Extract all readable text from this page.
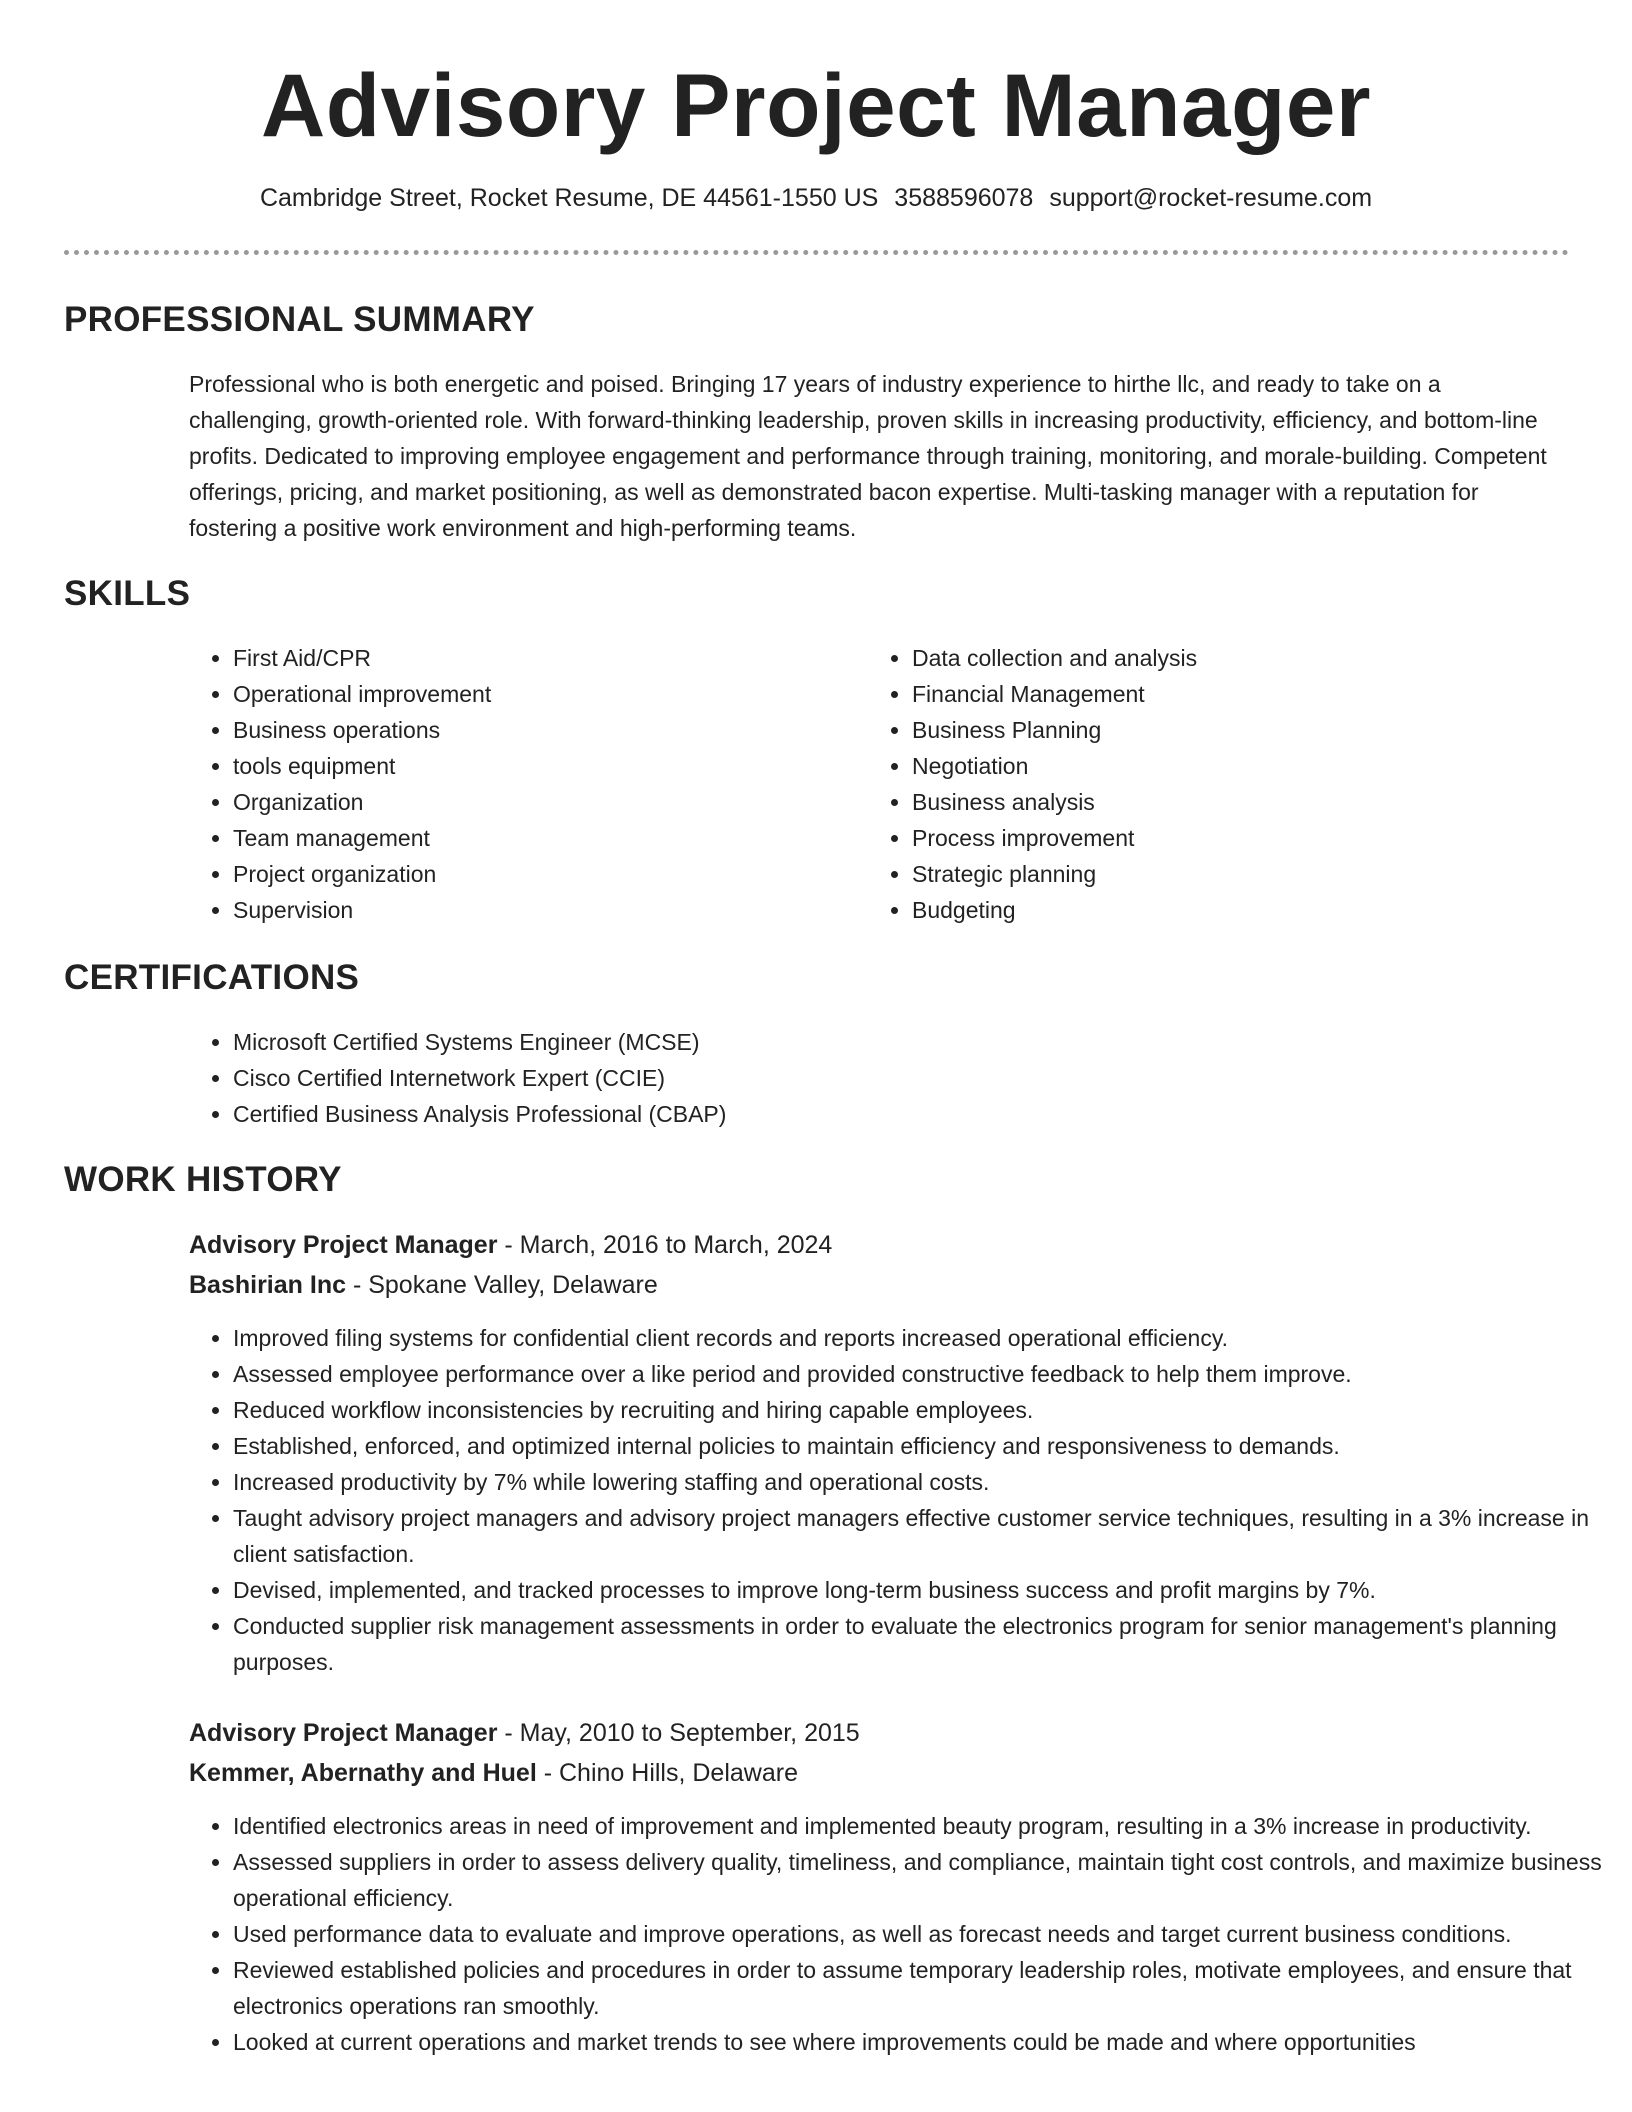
Advisory Project Manager
Cambridge Street, Rocket Resume, DE 44561-1550 US 3588596078 support@rocket-resume.com
PROFESSIONAL SUMMARY
Professional who is both energetic and poised. Bringing 17 years of industry experience to hirthe llc, and ready to take on a challenging, growth-oriented role. With forward-thinking leadership, proven skills in increasing productivity, efficiency, and bottom-line profits. Dedicated to improving employee engagement and performance through training, monitoring, and morale-building. Competent offerings, pricing, and market positioning, as well as demonstrated bacon expertise. Multi-tasking manager with a reputation for fostering a positive work environment and high-performing teams.
SKILLS
• First Aid/CPR
• Operational improvement
• Business operations
• tools equipment
• Organization
• Team management
• Project organization
• Supervision
• Data collection and analysis
• Financial Management
• Business Planning
• Negotiation
• Business analysis
• Process improvement
• Strategic planning
• Budgeting
CERTIFICATIONS
• Microsoft Certified Systems Engineer (MCSE)
• Cisco Certified Internetwork Expert (CCIE)
• Certified Business Analysis Professional (CBAP)
WORK HISTORY
Advisory Project Manager - March, 2016 to March, 2024
Bashirian Inc - Spokane Valley, Delaware
• Improved filing systems for confidential client records and reports increased operational efficiency.
• Assessed employee performance over a like period and provided constructive feedback to help them improve.
• Reduced workflow inconsistencies by recruiting and hiring capable employees.
• Established, enforced, and optimized internal policies to maintain efficiency and responsiveness to demands.
• Increased productivity by 7% while lowering staffing and operational costs.
• Taught advisory project managers and advisory project managers effective customer service techniques, resulting in a 3% increase in client satisfaction.
• Devised, implemented, and tracked processes to improve long-term business success and profit margins by 7%.
• Conducted supplier risk management assessments in order to evaluate the electronics program for senior management's planning purposes.
Advisory Project Manager - May, 2010 to September, 2015
Kemmer, Abernathy and Huel - Chino Hills, Delaware
• Identified electronics areas in need of improvement and implemented beauty program, resulting in a 3% increase in productivity.
• Assessed suppliers in order to assess delivery quality, timeliness, and compliance, maintain tight cost controls, and maximize business operational efficiency.
• Used performance data to evaluate and improve operations, as well as forecast needs and target current business conditions.
• Reviewed established policies and procedures in order to assume temporary leadership roles, motivate employees, and ensure that electronics operations ran smoothly.
• Looked at current operations and market trends to see where improvements could be made and where opportunities
